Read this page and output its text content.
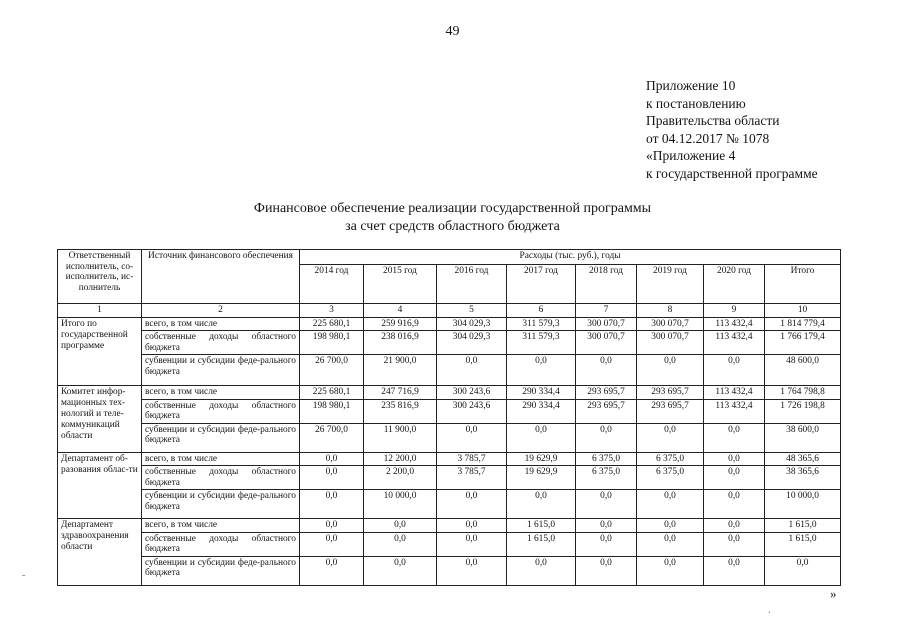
49
Приложение 10
к постановлению
Правительства области
от 04.12.2017 № 1078
«Приложение 4
к государственной программе
Финансовое обеспечение реализации государственной программы
за счет средств областного бюджета
Ответственный исполнитель, со-исполнитель, ис-полнитель	Источник финансового обеспечения	Расходы (тыс. руб.), годы							
		2014 год	2015 год	2016 год	2017 год	2018 год	2019 год	2020 год	Итого
1	2	3	4	5	6	7	8	9	10
Итого по государственной программе	всего, в том числе	225 680,1	259 916,9	304 029,3	311 579,3	300 070,7	300 070,7	113 432,4	1 814 779,4
	собственные доходы областного бюджета	198 980,1	238 016,9	304 029,3	311 579,3	300 070,7	300 070,7	113 432,4	1 766 179,4
	субвенции и субсидии феде-рального бюджета	26 700,0	21 900,0	0,0	0,0	0,0	0,0	0,0	48 600,0
Комитет инфор-мационных тех-нологий и теле-коммуникаций области	всего, в том числе	225 680,1	247 716,9	300 243,6	290 334,4	293 695,7	293 695,7	113 432,4	1 764 798,8
	собственные доходы областного бюджета	198 980,1	235 816,9	300 243,6	290 334,4	293 695,7	293 695,7	113 432,4	1 726 198,8
	субвенции и субсидии феде-рального бюджета	26 700,0	11 900,0	0,0	0,0	0,0	0,0	0,0	38 600,0
Департамент об-разования облас-ти	всего, в том числе	0,0	12 200,0	3 785,7	19 629,9	6 375,0	6 375,0	0,0	48 365,6
	собственные доходы областного бюджета	0,0	2 200,0	3 785,7	19 629,9	6 375,0	6 375,0	0,0	38 365,6
	субвенции и субсидии феде-рального бюджета	0,0	10 000,0	0,0	0,0	0,0	0,0	0,0	10 000,0
Департамент здравоохранения области	всего, в том числе	0,0	0,0	0,0	1 615,0	0,0	0,0	0,0	1 615,0
	собственные доходы областного бюджета	0,0	0,0	0,0	1 615,0	0,0	0,0	0,0	1 615,0
	субвенции и субсидии феде-рального бюджета	0,0	0,0	0,0	0,0	0,0	0,0	0,0	0,0
»
‐
.
